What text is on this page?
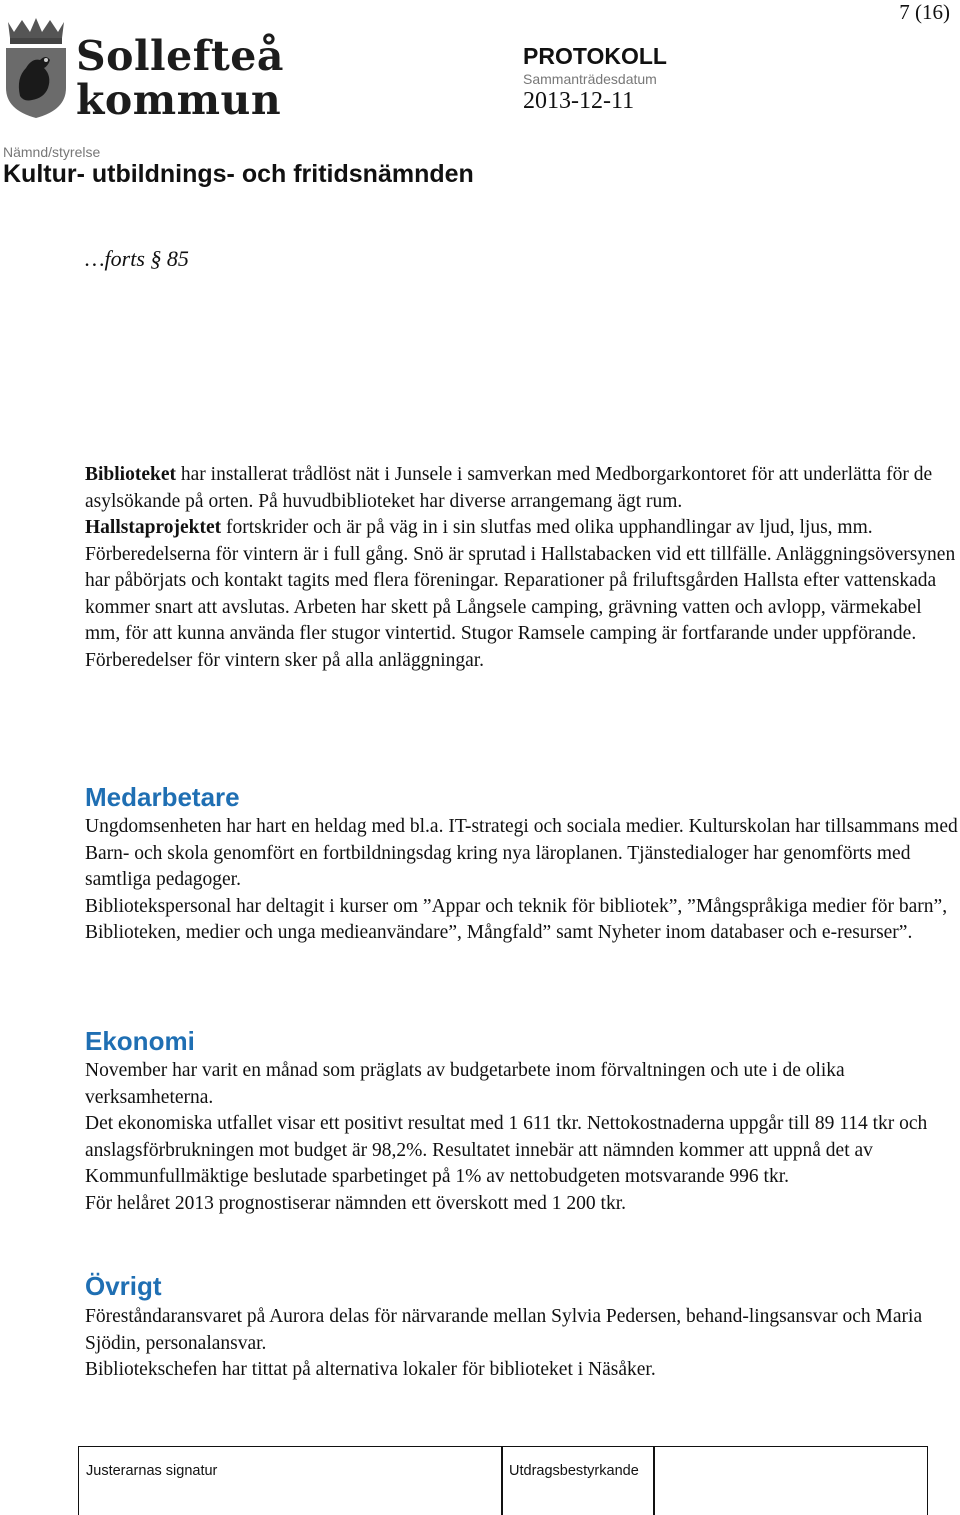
Sollefteå
kommun
7 (16)
PROTOKOLL
Sammanträdesdatum
2013-12-11
Nämnd/styrelse
Kultur- utbildnings- och fritidsnämnden
…forts § 85

Biblioteket har installerat trådlöst nät i Junsele i samverkan med Medborgarkontoret för att underlätta för de asylsökande på orten. På huvudbiblioteket har diverse arrangemang ägt rum.

Hallstaprojektet fortskrider och är på väg in i sin slutfas med olika upphandlingar av ljud, ljus, mm. Förberedelserna för vintern är i full gång. Snö är sprutad i Hallstabacken vid ett tillfälle. Anläggningsöversynen har påbörjats och kontakt tagits med flera föreningar. Reparationer på friluftsgården Hallsta efter vattenskada kommer snart att avslutas. Arbeten har skett på Långsele camping, grävning vatten och avlopp, värmekabel mm, för att kunna använda fler stugor vintertid. Stugor Ramsele camping är fortfarande under uppförande. Förberedelser för vintern sker på alla anläggningar.

Medarbetare

Ungdomsenheten har hart en heldag med bl.a. IT-strategi och sociala medier. Kulturskolan har tillsammans med Barn- och skola genomfört en fortbildningsdag kring nya läroplanen. Tjänstedialoger har genomförts med samtliga pedagoger.

Bibliotekspersonal har deltagit i kurser om ”Appar och teknik för bibliotek”, ”Mångspråkiga medier för barn”, Biblioteken, medier och unga medieanvändare”, Mångfald” samt Nyheter inom databaser och e-resurser”.

Ekonomi

November har varit en månad som präglats av budgetarbete inom förvaltningen och ute i de olika verksamheterna.

Det ekonomiska utfallet visar ett positivt resultat med 1 611 tkr. Nettokostnaderna uppgår till 89 114 tkr och anslagsförbrukningen mot budget är 98,2%. Resultatet innebär att nämnden kommer att uppnå det av Kommunfullmäktige beslutade sparbetinget på 1% av nettobudgeten motsvarande 996 tkr.

För helåret 2013 prognostiserar nämnden ett överskott med 1 200 tkr.

Övrigt

Föreståndaransvaret på Aurora delas för närvarande mellan Sylvia Pedersen, behand-lingsansvar och Maria Sjödin, personalansvar.

Bibliotekschefen har tittat på alternativa lokaler för biblioteket i Näsåker.

Justerarnas signatur	Utdragsbestyrkande
